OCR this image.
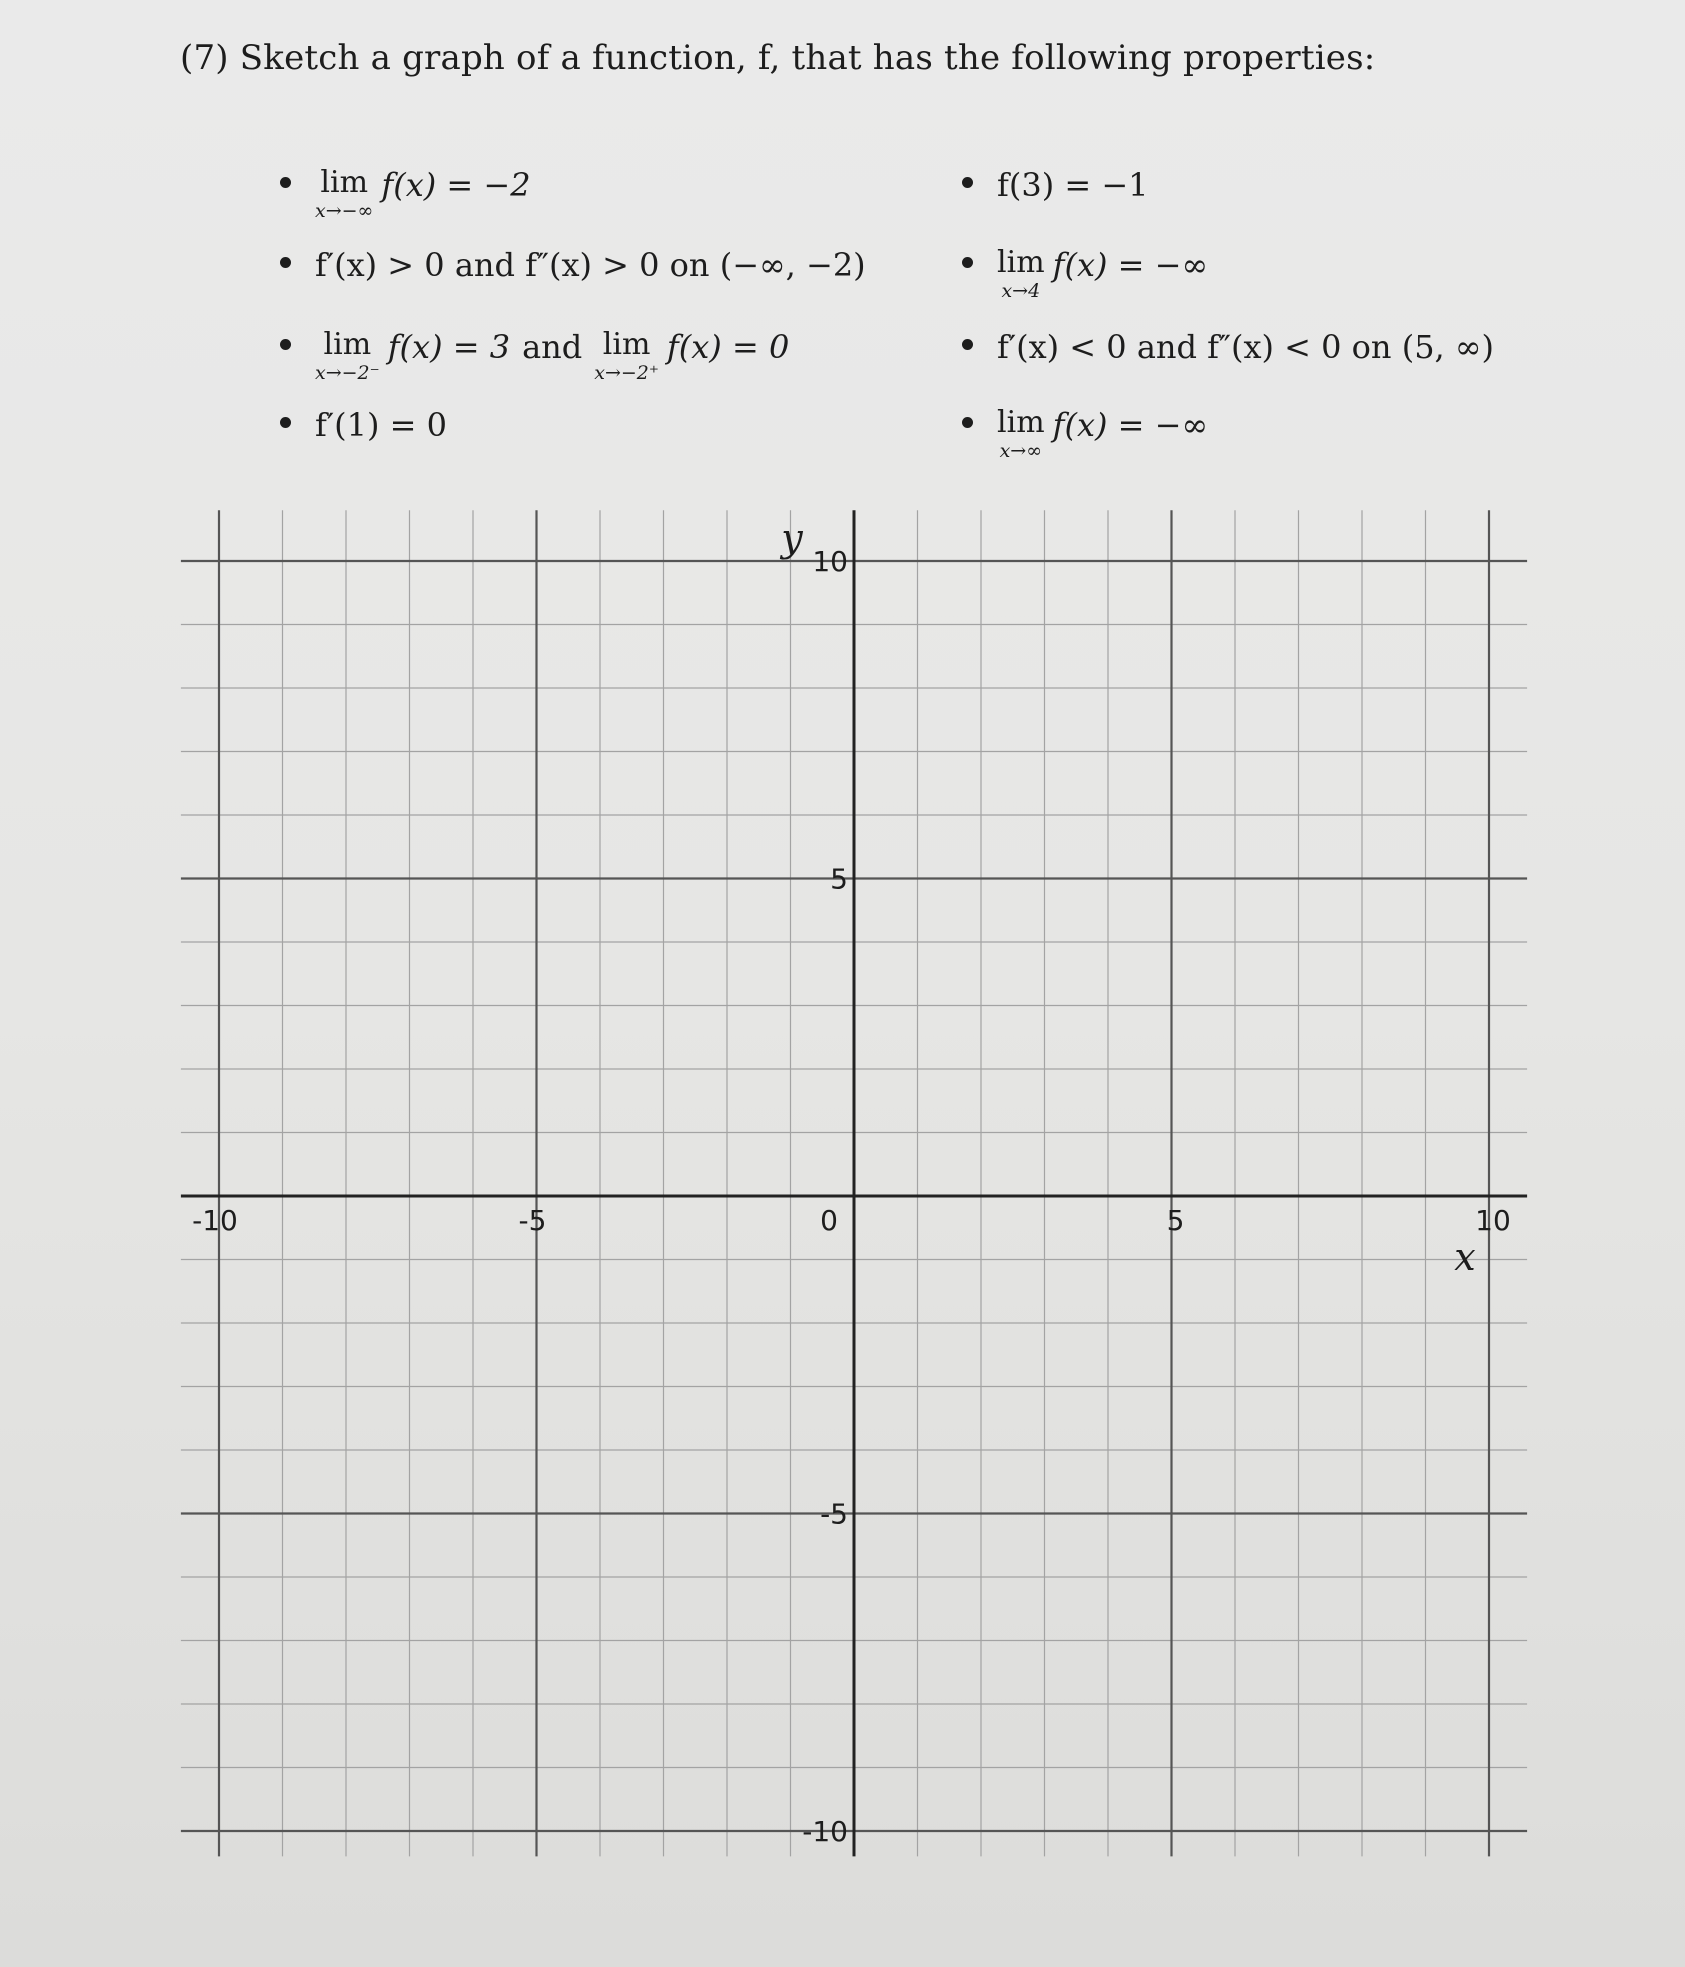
(7) Sketch a graph of a function, f, that has the following properties:
lim
x→−∞
f(x) = −2
f′(x) > 0 and f″(x) > 0 on (−∞, −2)
lim
x→−2⁻
f(x) = 3 and lim
x→−2⁺
f(x) = 0
f′(1) = 0
f(3) = −1
lim
x→4
f(x) = −∞
f′(x) < 0 and f″(x) < 0 on (5, ∞)
lim
x→∞
f(x) = −∞
-10	-5	0	5	10
10
5
-5
-10
y
x
